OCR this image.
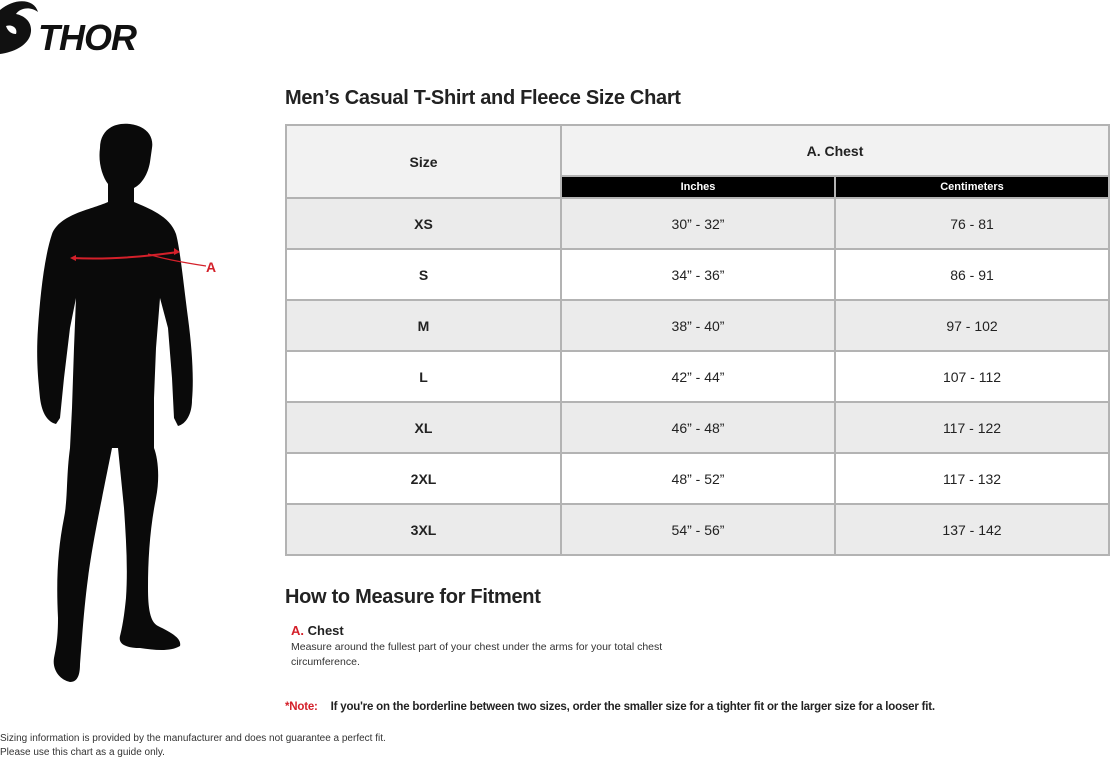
THOR
A
Men’s Casual T-Shirt and Fleece Size Chart
Size	A. Chest	
	Inches	Centimeters
XS	30” - 32”	76 - 81
S	34” - 36”	86 - 91
M	38” - 40”	97 - 102
L	42” - 44”	107 - 112
XL	46” - 48”	117 - 122
2XL	48” - 52”	117 - 132
3XL	54” - 56”	137 - 142
How to Measure for Fitment
A. Chest
Measure around the fullest part of your chest under the arms for your total chest circumference.
*Note: If you're on the borderline between two sizes, order the smaller size for a tighter fit or the larger size for a looser fit.
Sizing information is provided by the manufacturer and does not guarantee a perfect fit.
Please use this chart as a guide only.
